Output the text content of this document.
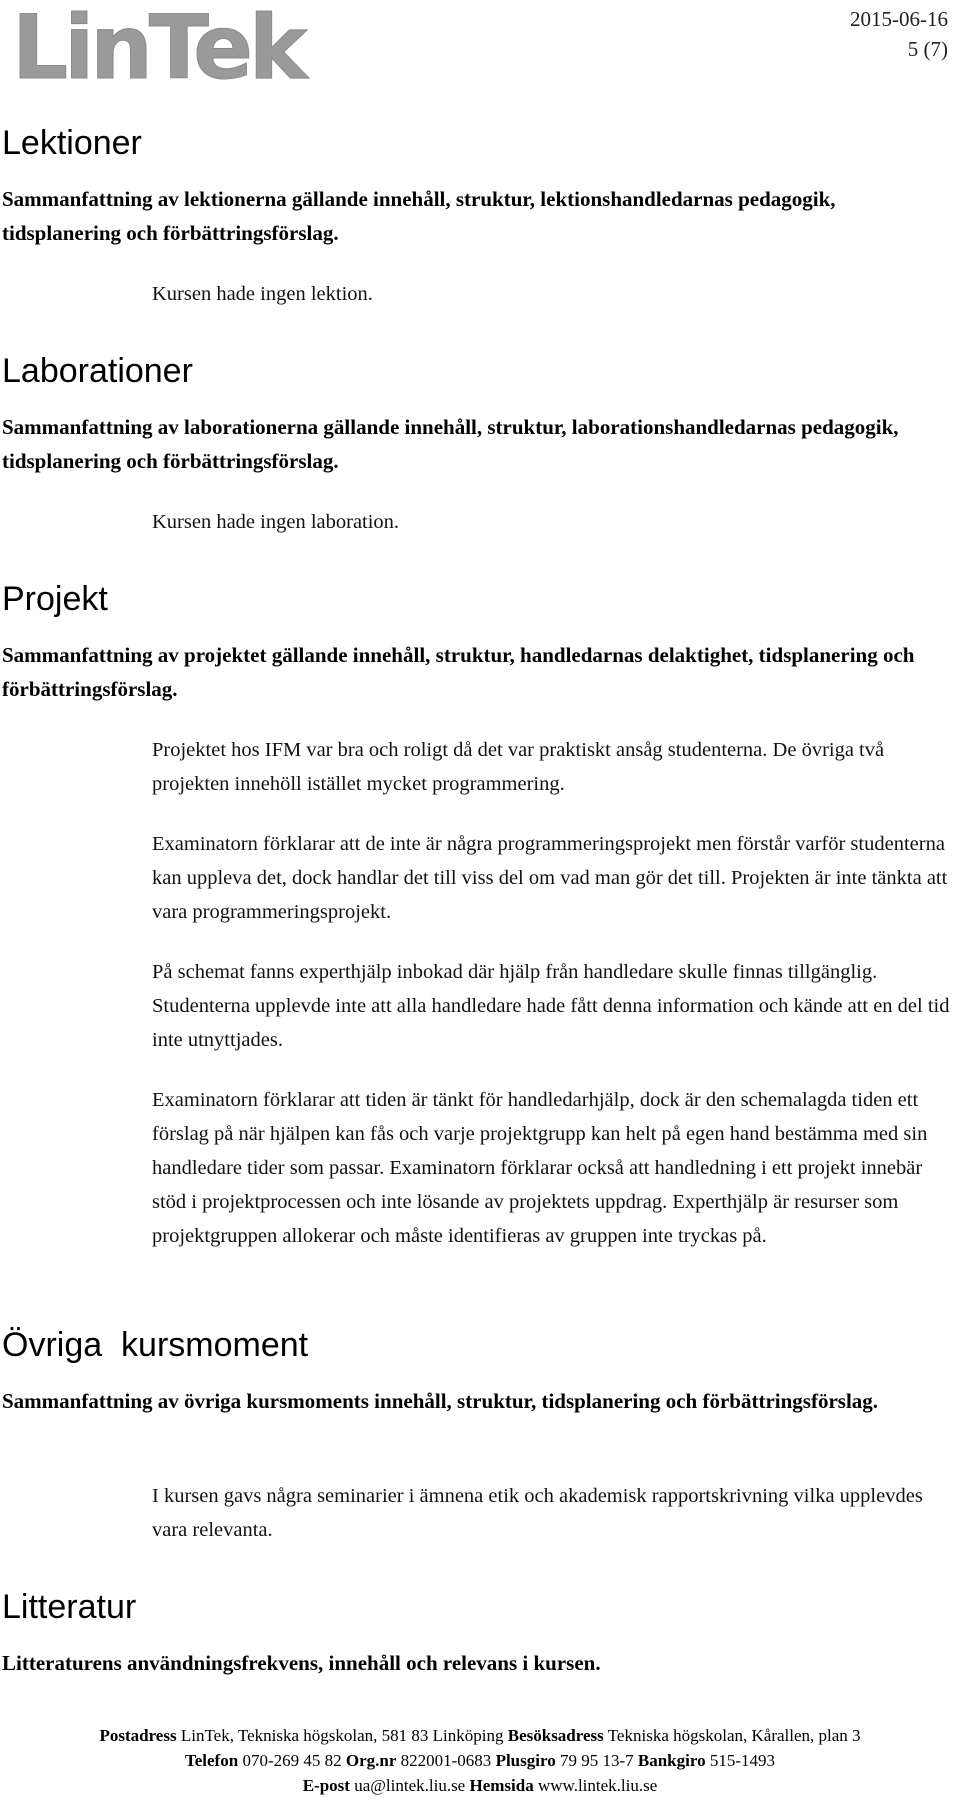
LinTek	2015-06-16
5 (7)
Lektioner

Sammanfattning av lektionerna gällande innehåll, struktur, lektionshandledarnas pedagogik, tidsplanering och förbättringsförslag.

Kursen hade ingen lektion.

Laborationer

Sammanfattning av laborationerna gällande innehåll, struktur, laborationshandledarnas pedagogik, tidsplanering och förbättringsförslag.

Kursen hade ingen laboration.

Projekt

Sammanfattning av projektet gällande innehåll, struktur, handledarnas delaktighet, tidsplanering och förbättringsförslag.

Projektet hos IFM var bra och roligt då det var praktiskt ansåg studenterna. De övriga två projekten innehöll istället mycket programmering.

Examinatorn förklarar att de inte är några programmeringsprojekt men förstår varför studenterna kan uppleva det, dock handlar det till viss del om vad man gör det till. Projekten är inte tänkta att vara programmeringsprojekt.

På schemat fanns experthjälp inbokad där hjälp från handledare skulle finnas tillgänglig. Studenterna upplevde inte att alla handledare hade fått denna information och kände att en del tid inte utnyttjades.

Examinatorn förklarar att tiden är tänkt för handledarhjälp, dock är den schemalagda tiden ett förslag på när hjälpen kan fås och varje projektgrupp kan helt på egen hand bestämma med sin handledare tider som passar. Examinatorn förklarar också att handledning i ett projekt innebär stöd i projektprocessen och inte lösande av projektets uppdrag. Experthjälp är resurser som projektgruppen allokerar och måste identifieras av gruppen inte tryckas på.

Övriga  kursmoment

Sammanfattning av övriga kursmoments innehåll, struktur, tidsplanering och förbättringsförslag.

I kursen gavs några seminarier i ämnena etik och akademisk rapportskrivning vilka upplevdes vara relevanta.

Litteratur

Litteraturens användningsfrekvens, innehåll och relevans i kursen.

Postadress LinTek, Tekniska högskolan, 581 83 Linköping Besöksadress Tekniska högskolan, Kårallen, plan 3
Telefon 070-269 45 82 Org.nr 822001-0683 Plusgiro 79 95 13-7 Bankgiro 515-1493
E-post ua@lintek.liu.se Hemsida www.lintek.liu.se
